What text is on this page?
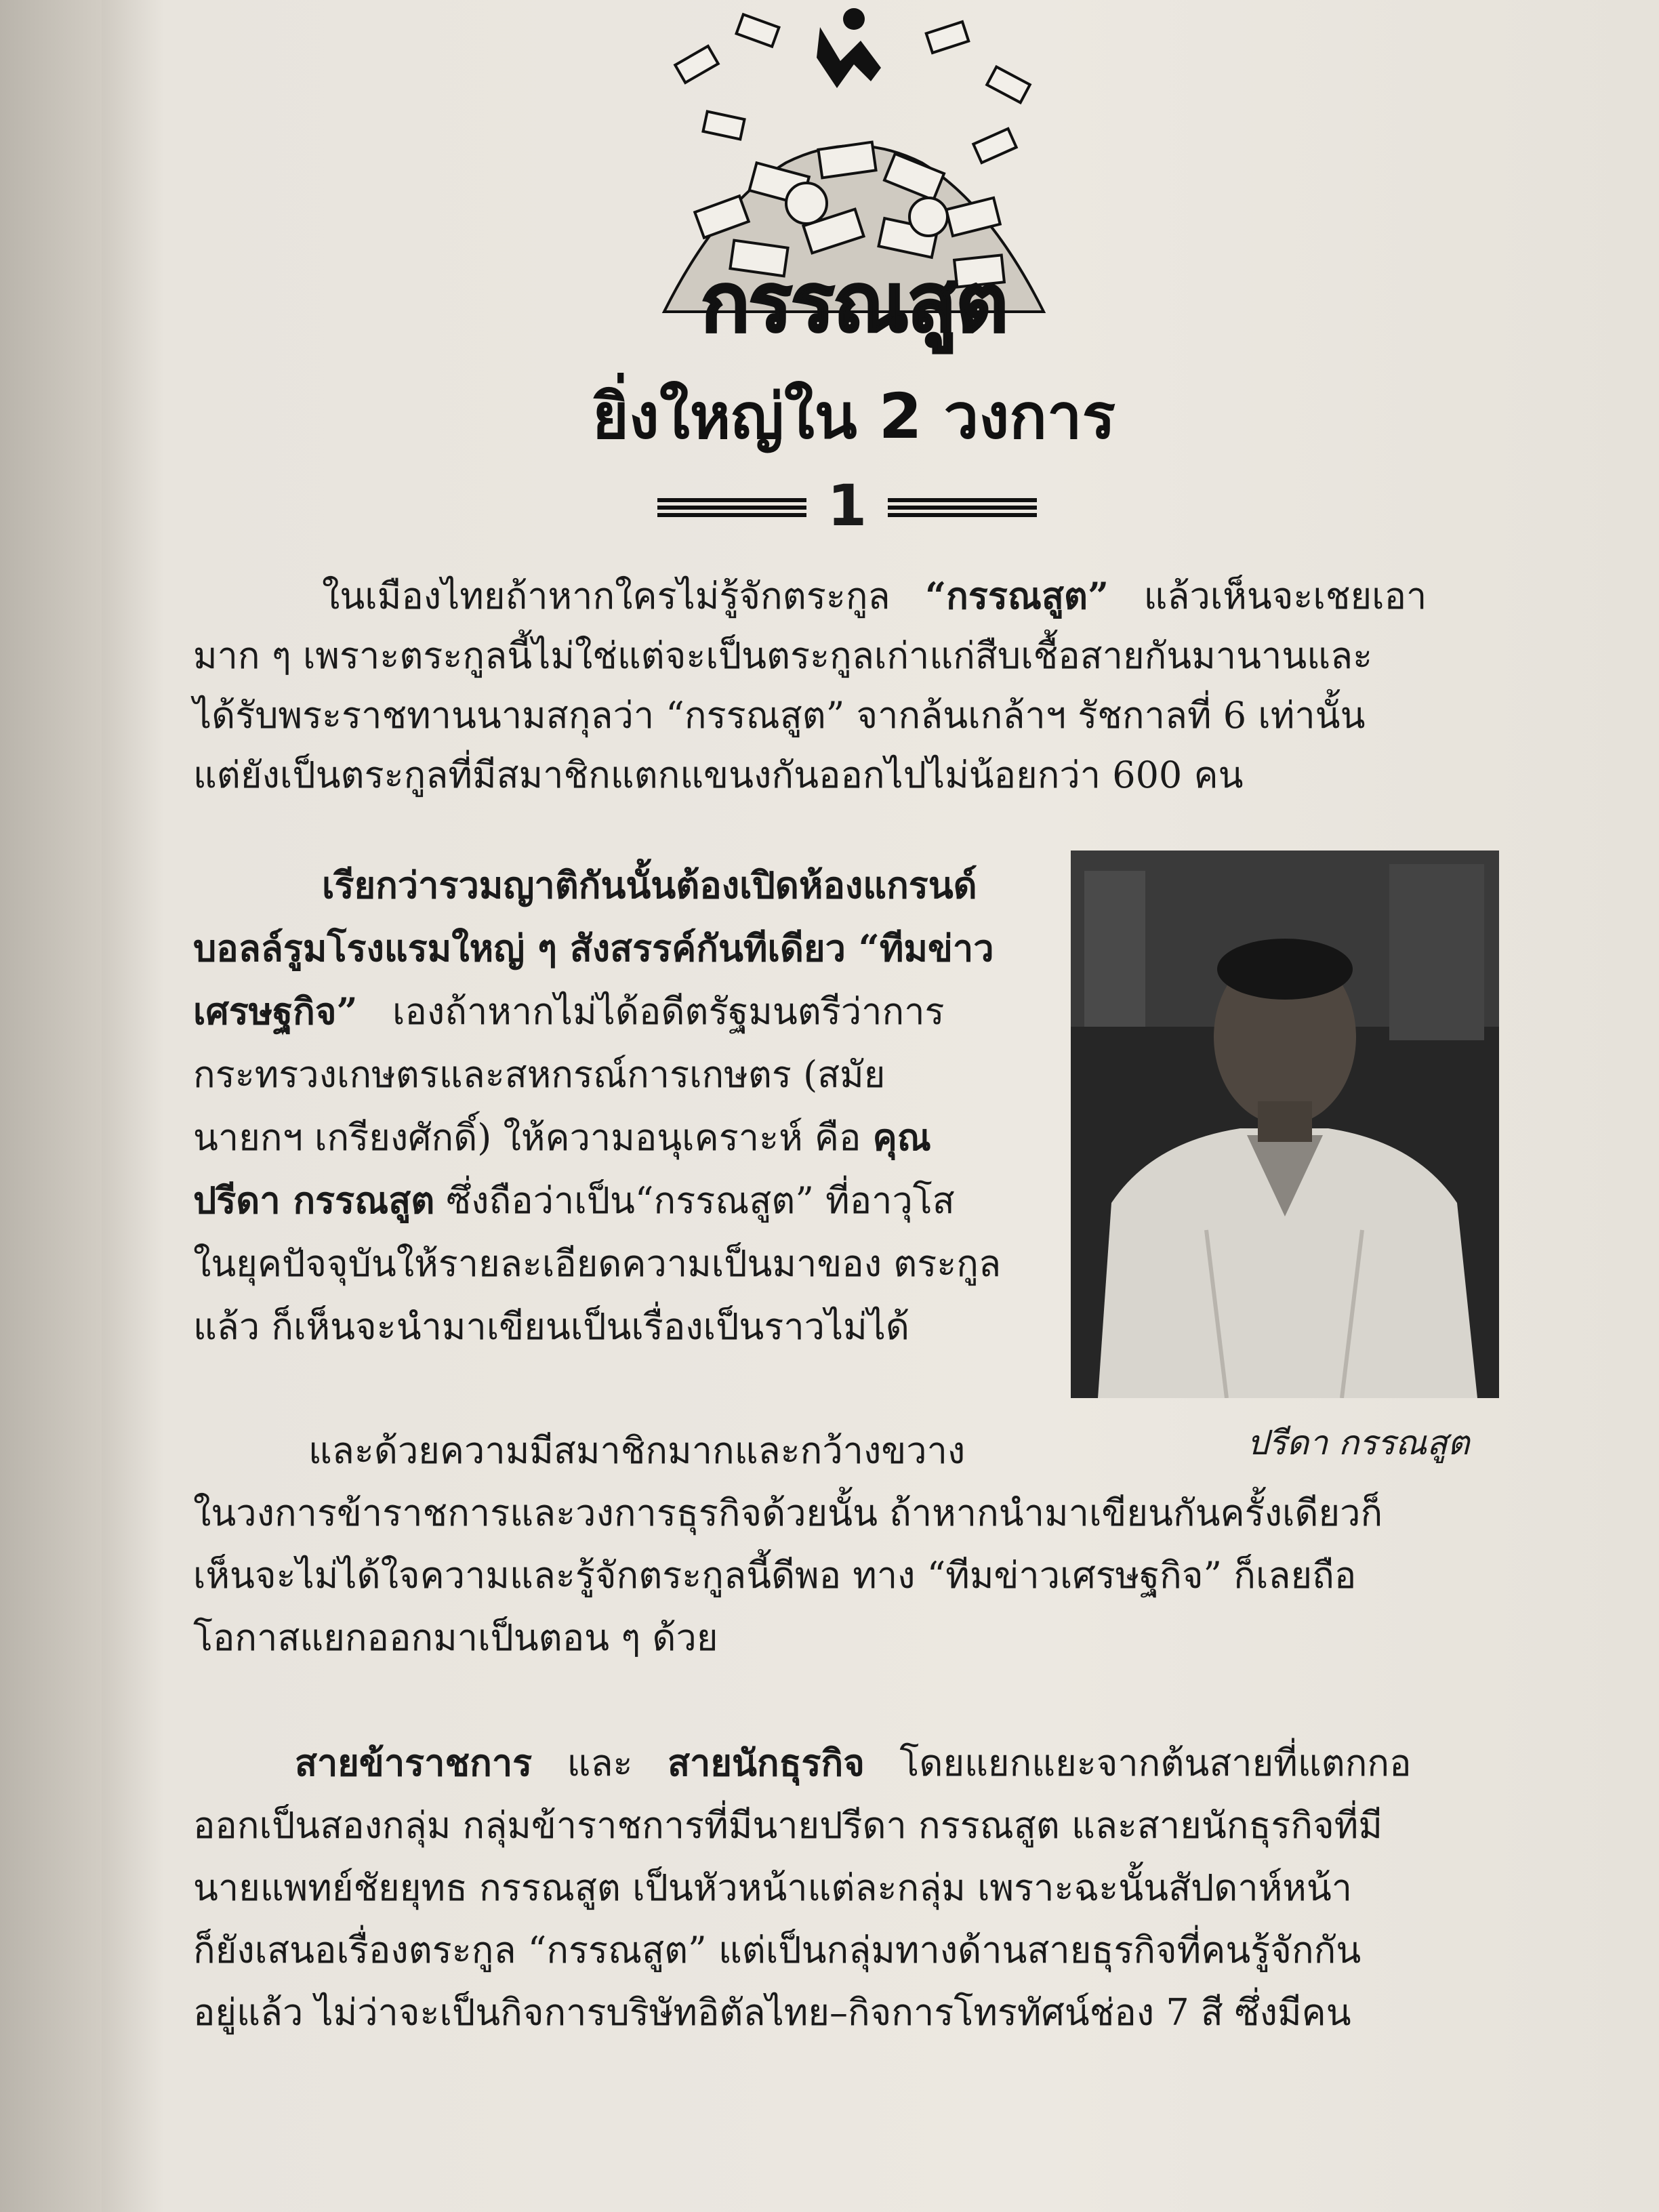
กรรณสูต
ยิ่งใหญ่ใน 2 วงการ
1

ในเมืองไทยถ้าหากใครไม่รู้จักตระกูล “กรรณสูต” แล้วเห็นจะเชยเอา

มาก ๆ เพราะตระกูลนี้ไม่ใช่แต่จะเป็นตระกูลเก่าแก่สืบเชื้อสายกันมานานและ

ได้รับพระราชทานนามสกุลว่า “กรรณสูต” จากล้นเกล้าฯ รัชกาลที่ 6 เท่านั้น

แต่ยังเป็นตระกูลที่มีสมาชิกแตกแขนงกันออกไปไม่น้อยกว่า 600 คน

เรียกว่ารวมญาติกันนั้นต้องเปิดห้องแกรนด์

บอลล์รูมโรงแรมใหญ่ ๆ สังสรรค์กันทีเดียว “ทีมข่าว

เศรษฐกิจ” เองถ้าหากไม่ได้อดีตรัฐมนตรีว่าการ

กระทรวงเกษตรและสหกรณ์การเกษตร (สมัย

นายกฯ เกรียงศักดิ์) ให้ความอนุเคราะห์ คือ คุณ

ปรีดา กรรณสูต ซึ่งถือว่าเป็น“กรรณสูต” ที่อาวุโส

ในยุคปัจจุบันให้รายละเอียดความเป็นมาของ ตระกูล

แล้ว ก็เห็นจะนำมาเขียนเป็นเรื่องเป็นราวไม่ได้

ปรีดา กรรณสูต

และด้วยความมีสมาชิกมากและกว้างขวาง

ในวงการข้าราชการและวงการธุรกิจด้วยนั้น ถ้าหากนำมาเขียนกันครั้งเดียวก็

เห็นจะไม่ได้ใจความและรู้จักตระกูลนี้ดีพอ ทาง “ทีมข่าวเศรษฐกิจ” ก็เลยถือ

โอกาสแยกออกมาเป็นตอน ๆ ด้วย

สายข้าราชการ และ สายนักธุรกิจ โดยแยกแยะจากต้นสายที่แตกกอ

ออกเป็นสองกลุ่ม กลุ่มข้าราชการที่มีนายปรีดา กรรณสูต และสายนักธุรกิจที่มี

นายแพทย์ชัยยุทธ กรรณสูต เป็นหัวหน้าแต่ละกลุ่ม เพราะฉะนั้นสัปดาห์หน้า

ก็ยังเสนอเรื่องตระกูล “กรรณสูต” แต่เป็นกลุ่มทางด้านสายธุรกิจที่คนรู้จักกัน

อยู่แล้ว ไม่ว่าจะเป็นกิจการบริษัทอิตัลไทย–กิจการโทรทัศน์ช่อง 7 สี ซึ่งมีคน
